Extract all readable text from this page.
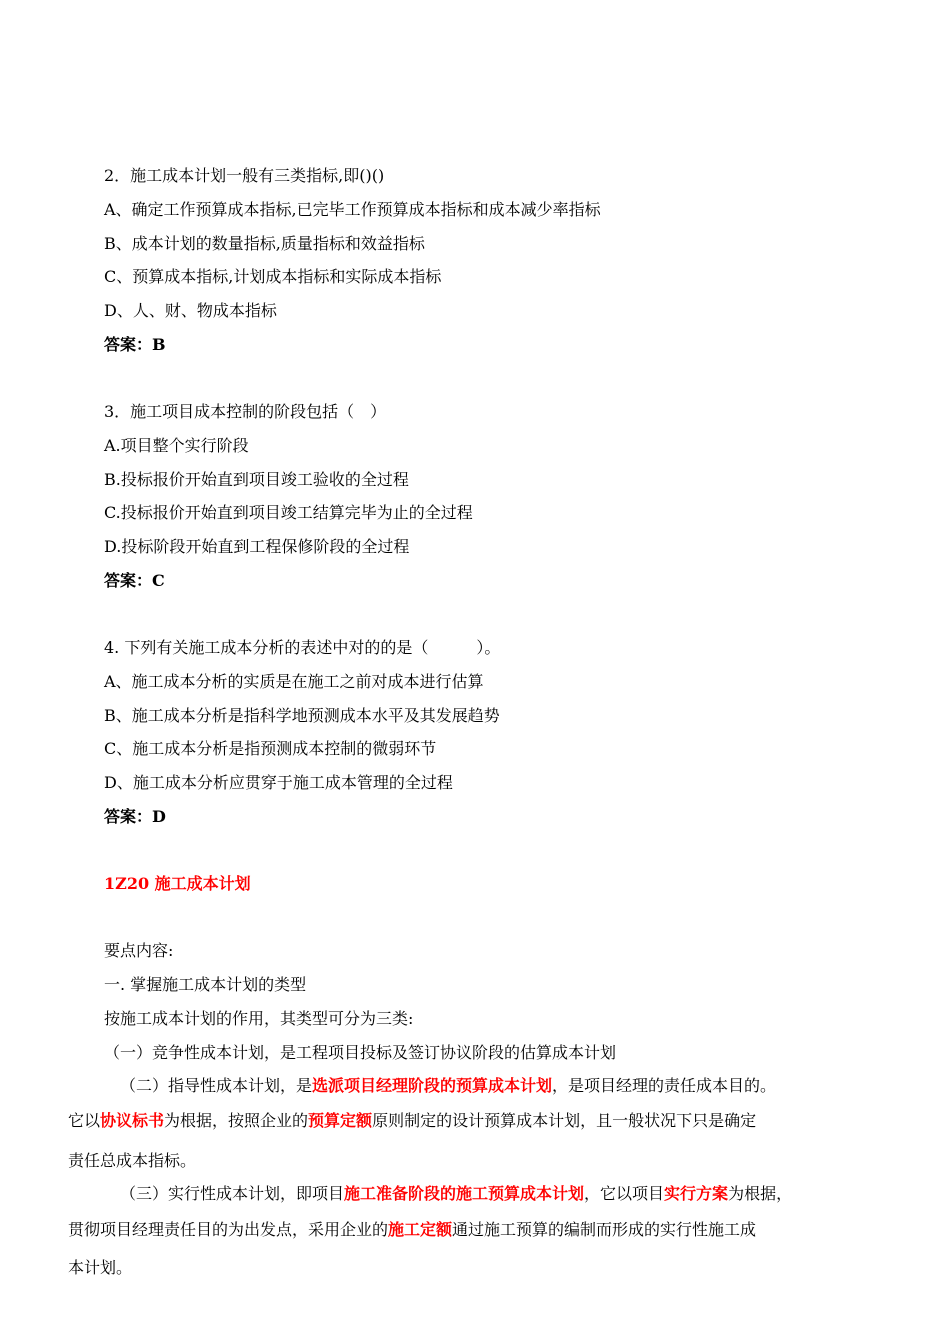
2．施工成本计划一般有三类指标,即()()
A、确定工作预算成本指标,已完毕工作预算成本指标和成本减少率指标
B、成本计划的数量指标,质量指标和效益指标
C、预算成本指标,计划成本指标和实际成本指标
D、人、财、物成本指标
答案：B
3．施工项目成本控制的阶段包括（　）
A.项目整个实行阶段
B.投标报价开始直到项目竣工验收的全过程
C.投标报价开始直到项目竣工结算完毕为止的全过程
D.投标阶段开始直到工程保修阶段的全过程
答案：C
4. 下列有关施工成本分析的表述中对的的是（　　　）。
A、施工成本分析的实质是在施工之前对成本进行估算
B、施工成本分析是指科学地预测成本水平及其发展趋势
C、施工成本分析是指预测成本控制的微弱环节
D、施工成本分析应贯穿于施工成本管理的全过程
答案：D
1Z20 施工成本计划
要点内容:
一. 掌握施工成本计划的类型
按施工成本计划的作用，其类型可分为三类:
（一）竞争性成本计划，是工程项目投标及签订协议阶段的估算成本计划
（二）指导性成本计划，是选派项目经理阶段的预算成本计划，是项目经理的责任成本目的。
它以协议标书为根据，按照企业的预算定额原则制定的设计预算成本计划，且一般状况下只是确定
责任总成本指标。
（三）实行性成本计划，即项目施工准备阶段的施工预算成本计划，它以项目实行方案为根据，
贯彻项目经理责任目的为出发点，采用企业的施工定额通过施工预算的编制而形成的实行性施工成
本计划。
